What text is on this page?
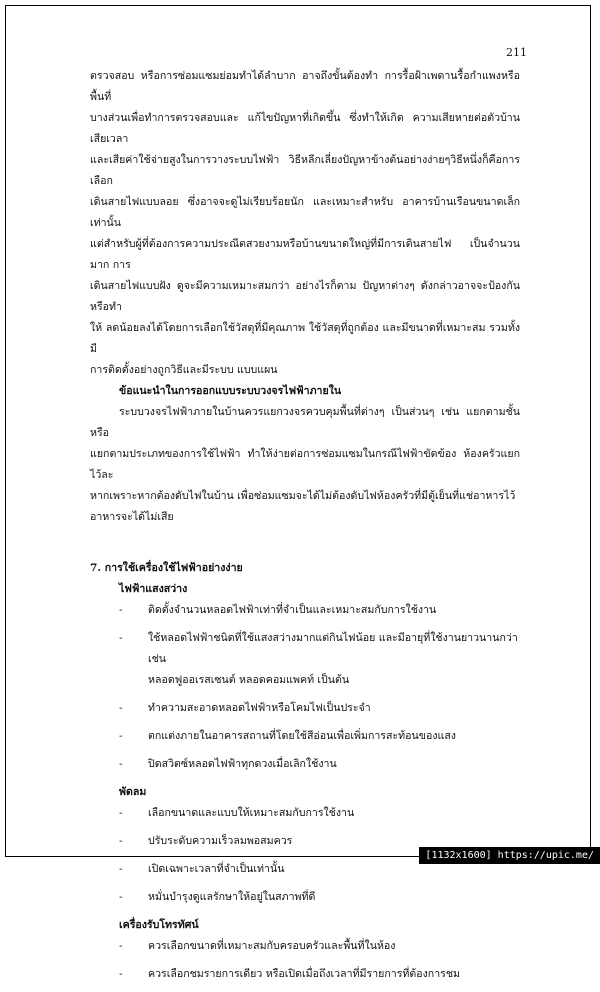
211

ตรวจสอบ หรือการซ่อมแซมย่อมทำได้ลำบาก อาจถึงขั้นต้องทำ การรื้อฝ้าเพดานรื้อกำแพงหรือพื้นที่

บางส่วนเพื่อทำการตรวจสอบและ แก้ไขปัญหาที่เกิดขึ้น ซึ่งทำให้เกิด ความเสียหายต่อตัวบ้าน เสียเวลา

และเสียค่าใช้จ่ายสูงในการวางระบบไฟฟ้า วิธีหลีกเลี่ยงปัญหาข้างต้นอย่างง่ายๆวิธีหนึ่งก็คือการเลือก

เดินสายไฟแบบลอย ซึ่งอาจจะดูไม่เรียบร้อยนัก และเหมาะสำหรับ อาคารบ้านเรือนขนาดเล็กเท่านั้น

แต่สำหรับผู้ที่ต้องการความประณีตสวยงามหรือบ้านขนาดใหญ่ที่มีการเดินสายไฟ เป็นจำนวนมาก การ

เดินสายไฟแบบฝัง ดูจะมีความเหมาะสมกว่า อย่างไรก็ตาม ปัญหาต่างๆ ดังกล่าวอาจจะป้องกันหรือทำ

ให้ ลดน้อยลงได้โดยการเลือกใช้วัสดุที่มีคุณภาพ ใช้วัสดุที่ถูกต้อง และมีขนาดที่เหมาะสม รวมทั้งมี

การติดตั้งอย่างถูกวิธีและมีระบบ แบบแผน

ข้อแนะนำในการออกแบบระบบวงจรไฟฟ้าภายใน

ระบบวงจรไฟฟ้าภายในบ้านควรแยกวงจรควบคุมพื้นที่ต่างๆ เป็นส่วนๆ เช่น แยกตามชั้นหรือ

แยกตามประเภทของการใช้ไฟฟ้า ทำให้ง่ายต่อการซ่อมแซมในกรณีไฟฟ้าขัดข้อง ห้องครัวแยกไว้ละ

หากเพราะหากต้องดับไฟในบ้าน เพื่อซ่อมแซมจะได้ไม่ต้องดับไฟห้องครัวที่มีตู้เย็นที่แช่อาหารไว้

อาหารจะได้ไม่เสีย

7. การใช้เครื่องใช้ไฟฟ้าอย่างง่าย

ไฟฟ้าแสงสว่าง

- ติดตั้งจำนวนหลอดไฟฟ้าเท่าที่จำเป็นและเหมาะสมกับการใช้งาน
- ใช้หลอดไฟฟ้าชนิดที่ใช้แสงสว่างมากแต่กินไฟน้อย และมีอายุที่ใช้งานยาวนานกว่า เช่น
หลอดฟูออเรสเซนต์ หลอดคอมแพคท์ เป็นต้น
- ทำความสะอาดหลอดไฟฟ้าหรือโคมไฟเป็นประจำ
- ตกแต่งภายในอาคารสถานที่โดยใช้สีอ่อนเพื่อเพิ่มการสะท้อนของแสง
- ปิดสวิตซ์หลอดไฟฟ้าทุกดวงเมื่อเลิกใช้งาน

พัดลม

- เลือกขนาดและแบบให้เหมาะสมกับการใช้งาน
- ปรับระดับความเร็วลมพอสมควร
- เปิดเฉพาะเวลาที่จำเป็นเท่านั้น
- หมั่นบำรุงดูแลรักษาให้อยู่ในสภาพที่ดี

เครื่องรับโทรทัศน์

- ควรเลือกขนาดที่เหมาะสมกับครอบครัวและพื้นที่ในห้อง
- ควรเลือกชมรายการเดียว หรือเปิดเมื่อถึงเวลาที่มีรายการที่ต้องการชม
[1132x1600] https://upic.me/
